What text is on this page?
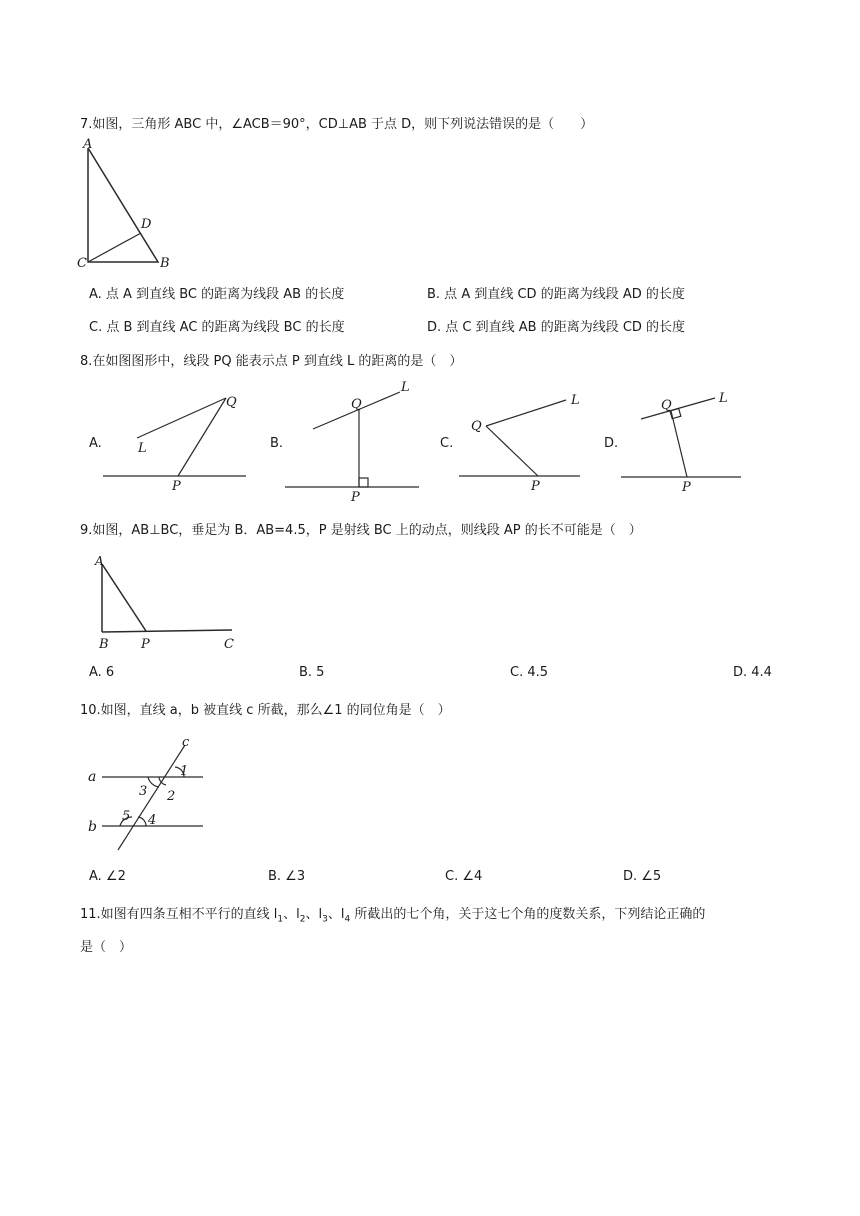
7.如图，三角形 ABC 中，∠ACB＝90°，CD⊥AB 于点 D，则下列说法错误的是（　　）
A
D
C	B
A. 点 A 到直线 BC 的距离为线段 AB 的长度	B. 点 A 到直线 CD 的距离为线段 AD 的长度
C. 点 B 到直线 AC 的距离为线段 BC 的长度	D. 点 C 到直线 AB 的距离为线段 CD 的长度
8.在如图图形中，线段 PQ 能表示点 P 到直线 L 的距离的是（　）
A.
Q
L
P
B.
Q
L
P
C.
Q
L
P
D.
Q	L
P
9.如图，AB⊥BC，垂足为 B．AB=4.5，P 是射线 BC 上的动点，则线段 AP 的长不可能是（　）
A
B P	C
A. 6	B. 5	C. 4.5	D. 4.4
10.如图，直线 a，b 被直线 c 所截，那么∠1 的同位角是（　）
c
a
b
1
3 2
5 4
A. ∠2	B. ∠3	C. ∠4	D. ∠5
11.如图有四条互相不平行的直线 $l_1$、$l_2$、$l_3$、$l_4$ 所截出的七个角，关于这七个角的度数关系，下列结论正确的
是（　）
